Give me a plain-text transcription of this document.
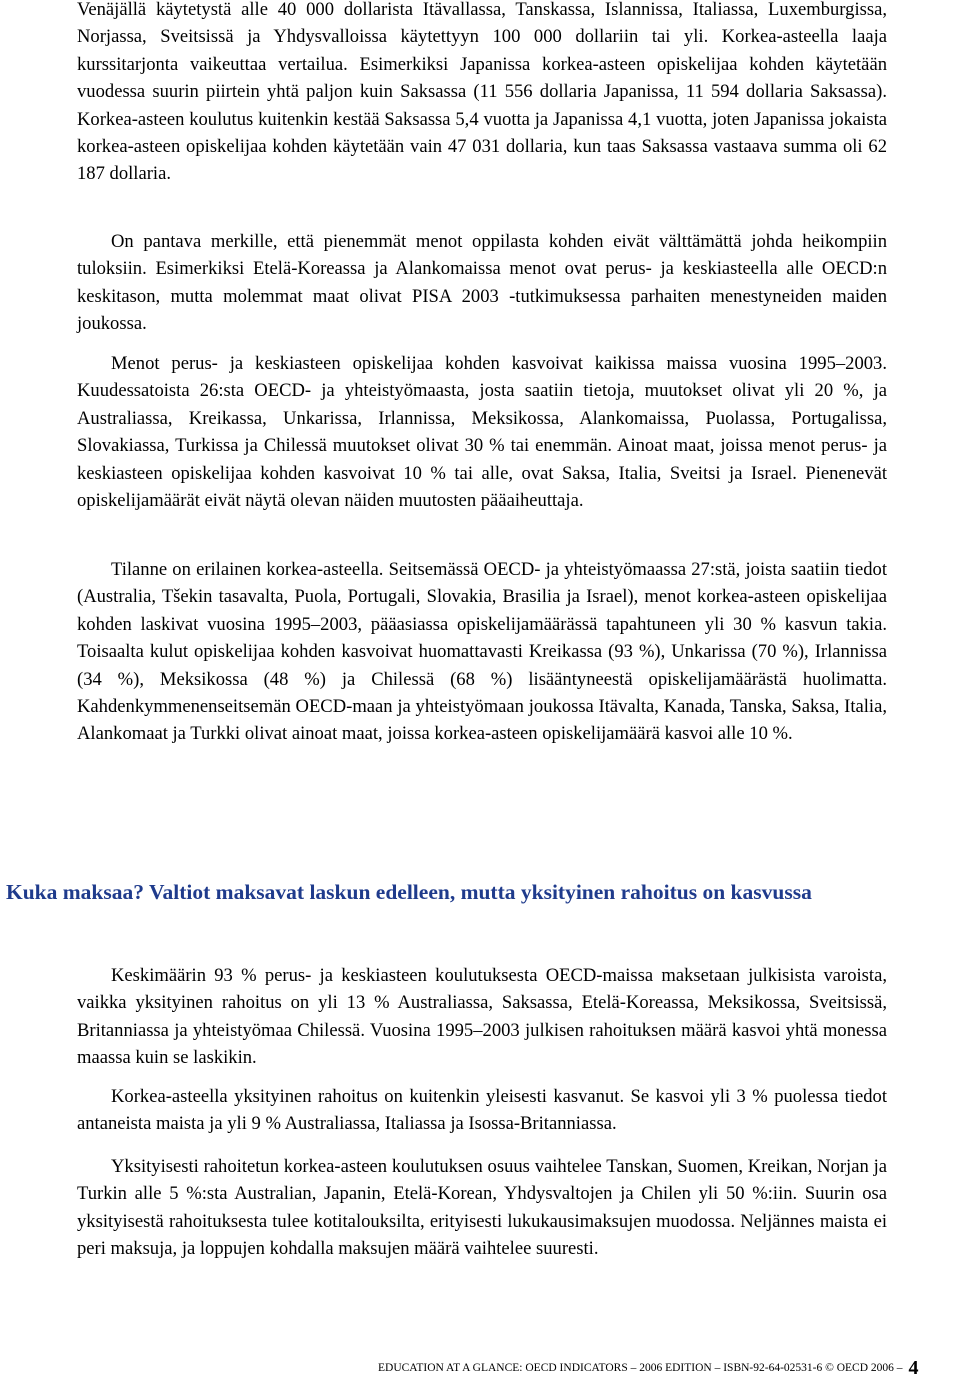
Venäjällä käytetystä alle 40 000 dollarista Itävallassa, Tanskassa, Islannissa, Italiassa, Luxemburgissa, Norjassa, Sveitsissä ja Yhdysvalloissa käytettyyn 100 000 dollariin tai yli. Korkea-asteella laaja kurssitarjonta vaikeuttaa vertailua. Esimerkiksi Japanissa korkea-asteen opiskelijaa kohden käytetään vuodessa suurin piirtein yhtä paljon kuin Saksassa (11 556 dollaria Japanissa, 11 594 dollaria Saksassa). Korkea-asteen koulutus kuitenkin kestää Saksassa 5,4 vuotta ja Japanissa 4,1 vuotta, joten Japanissa jokaista korkea-asteen opiskelijaa kohden käytetään vain 47 031 dollaria, kun taas Saksassa vastaava summa oli 62 187 dollaria.

On pantava merkille, että pienemmät menot oppilasta kohden eivät välttämättä johda heikompiin tuloksiin. Esimerkiksi Etelä-Koreassa ja Alankomaissa menot ovat perus- ja keskiasteella alle OECD:n keskitason, mutta molemmat maat olivat PISA 2003 -tutkimuksessa parhaiten menestyneiden maiden joukossa.

Menot perus- ja keskiasteen opiskelijaa kohden kasvoivat kaikissa maissa vuosina 1995–2003. Kuudessatoista 26:sta OECD- ja yhteistyömaasta, josta saatiin tietoja, muutokset olivat yli 20 %, ja Australiassa, Kreikassa, Unkarissa, Irlannissa, Meksikossa, Alankomaissa, Puolassa, Portugalissa, Slovakiassa, Turkissa ja Chilessä muutokset olivat 30 % tai enemmän. Ainoat maat, joissa menot perus- ja keskiasteen opiskelijaa kohden kasvoivat 10 % tai alle, ovat Saksa, Italia, Sveitsi ja Israel. Pienenevät opiskelijamäärät eivät näytä olevan näiden muutosten pääaiheuttaja.

Tilanne on erilainen korkea-asteella. Seitsemässä OECD- ja yhteistyömaassa 27:stä, joista saatiin tiedot (Australia, Tšekin tasavalta, Puola, Portugali, Slovakia, Brasilia ja Israel), menot korkea-asteen opiskelijaa kohden laskivat vuosina 1995–2003, pääasiassa opiskelijamäärässä tapahtuneen yli 30 % kasvun takia. Toisaalta kulut opiskelijaa kohden kasvoivat huomattavasti Kreikassa (93 %), Unkarissa (70 %), Irlannissa (34 %), Meksikossa (48 %) ja Chilessä (68 %) lisääntyneestä opiskelijamäärästä huolimatta. Kahdenkymmenenseitsemän OECD-maan ja yhteistyömaan joukossa Itävalta, Kanada, Tanska, Saksa, Italia, Alankomaat ja Turkki olivat ainoat maat, joissa korkea-asteen opiskelijamäärä kasvoi alle 10 %.

Kuka maksaa? Valtiot maksavat laskun edelleen, mutta yksityinen rahoitus on kasvussa

Keskimäärin 93 % perus- ja keskiasteen koulutuksesta OECD-maissa maksetaan julkisista varoista, vaikka yksityinen rahoitus on yli 13 % Australiassa, Saksassa, Etelä-Koreassa, Meksikossa, Sveitsissä, Britanniassa ja yhteistyömaa Chilessä. Vuosina 1995–2003 julkisen rahoituksen määrä kasvoi yhtä monessa maassa kuin se laskikin.

Korkea-asteella yksityinen rahoitus on kuitenkin yleisesti kasvanut. Se kasvoi yli 3 % puolessa tiedot antaneista maista ja yli 9 % Australiassa, Italiassa ja Isossa-Britanniassa.

Yksityisesti rahoitetun korkea-asteen koulutuksen osuus vaihtelee Tanskan, Suomen, Kreikan, Norjan ja Turkin alle 5 %:sta Australian, Japanin, Etelä-Korean, Yhdysvaltojen ja Chilen yli 50 %:iin. Suurin osa yksityisestä rahoituksesta tulee kotitalouksilta, erityisesti lukukausimaksujen muodossa. Neljännes maista ei peri maksuja, ja loppujen kohdalla maksujen määrä vaihtelee suuresti.

EDUCATION AT A GLANCE: OECD INDICATORS – 2006 EDITION – ISBN-92-64-02531-6 © OECD 2006 – 4
